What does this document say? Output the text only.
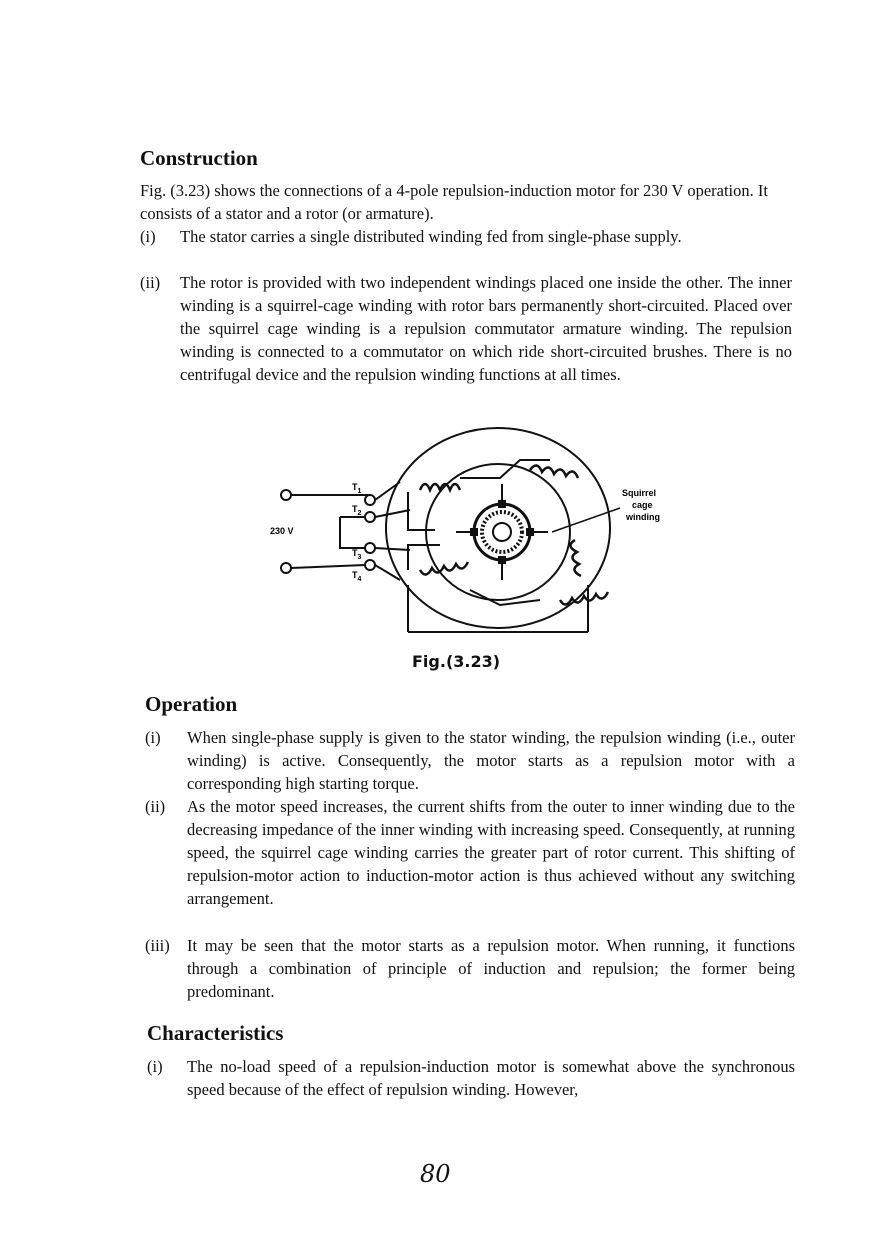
Construction

Fig. (3.23) shows the connections of a 4-pole repulsion-induction motor for 230 V operation. It consists of a stator and a rotor (or armature).

(i) The stator carries a single distributed winding fed from single-phase supply.
(ii) The rotor is provided with two independent windings placed one inside the other. The inner winding is a squirrel-cage winding with rotor bars permanently short-circuited. Placed over the squirrel cage winding is a repulsion commutator armature winding. The repulsion winding is connected to a commutator on which ride short-circuited brushes. There is no centrifugal device and the repulsion winding functions at all times.
$T_1$
$T_2$
$T_3$
$T_4$
230 V
Squirrel
cage
winding
Fig.(3.23)
Operation
(i) When single-phase supply is given to the stator winding, the repulsion winding (i.e., outer winding) is active. Consequently, the motor starts as a repulsion motor with a corresponding high starting torque.
(ii) As the motor speed increases, the current shifts from the outer to inner winding due to the decreasing impedance of the inner winding with increasing speed. Consequently, at running speed, the squirrel cage winding carries the greater part of rotor current. This shifting of repulsion-motor action to induction-motor action is thus achieved without any switching arrangement.
(iii) It may be seen that the motor starts as a repulsion motor. When running, it functions through a combination of principle of induction and repulsion; the former being predominant.
Characteristics
(i) The no-load speed of a repulsion-induction motor is somewhat above the synchronous speed because of the effect of repulsion winding. However,
80
